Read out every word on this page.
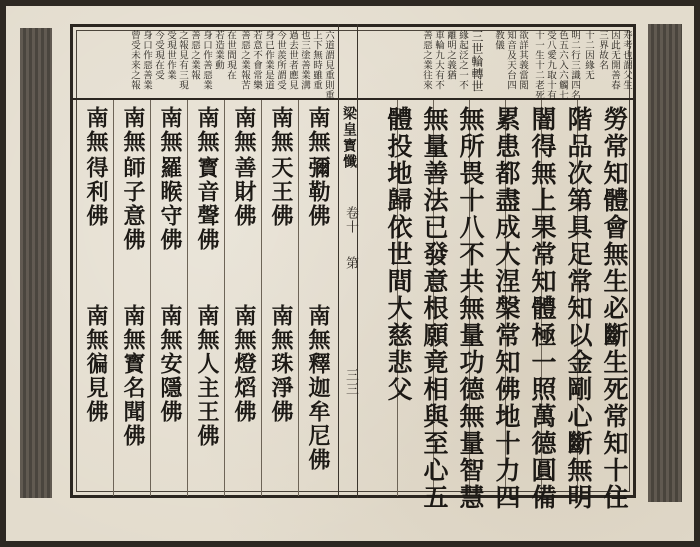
梁皇寳懺
卷十
第
三三	勞常知體會無生必斷生死常知十住
階品次第具足常知以金剛心斷無明
闇得無上果常知體極一照萬德圓備
累患都盡成大涅槃常知佛地十力四
無所畏十八不共無量功德無量智慧
無量善法已發意根願竟相與至心五
體投地歸依世間大慈悲父
寿考也謂父生
因此无開善春
三界故名
十二因緣无
明二行三識四名
色五六入六觸七
受八愛九取十有
十一生十二老死
欲詳其義當閲
知音及天台四
教儀
三世輪轉世
緣起泛之一不
離明之義猶
車輪九大有不
善惡之業往來
六道謂見重則重
上下無時雖重
也三塗善業溝
過去世者應見
今世羨所謂受
身已作業是道
若意不會常樂
善惡之業報苦
在世間現在
若造業動
身口作善惡業
善惡之業報
之報見有三現
受現世作業
今受現在受
身口作惡善業
曾受未来之報
南無
彌勒佛
南無釋迦牟尼佛
南無
天王佛
南無珠淨佛
南無
善財佛
南無燈熖佛
南無
寳音聲佛
南無人主王佛
南無
羅睺守佛
南無安隱佛
南無
師子意佛
南無寳名聞佛
南無
得利佛
南無徧見佛
